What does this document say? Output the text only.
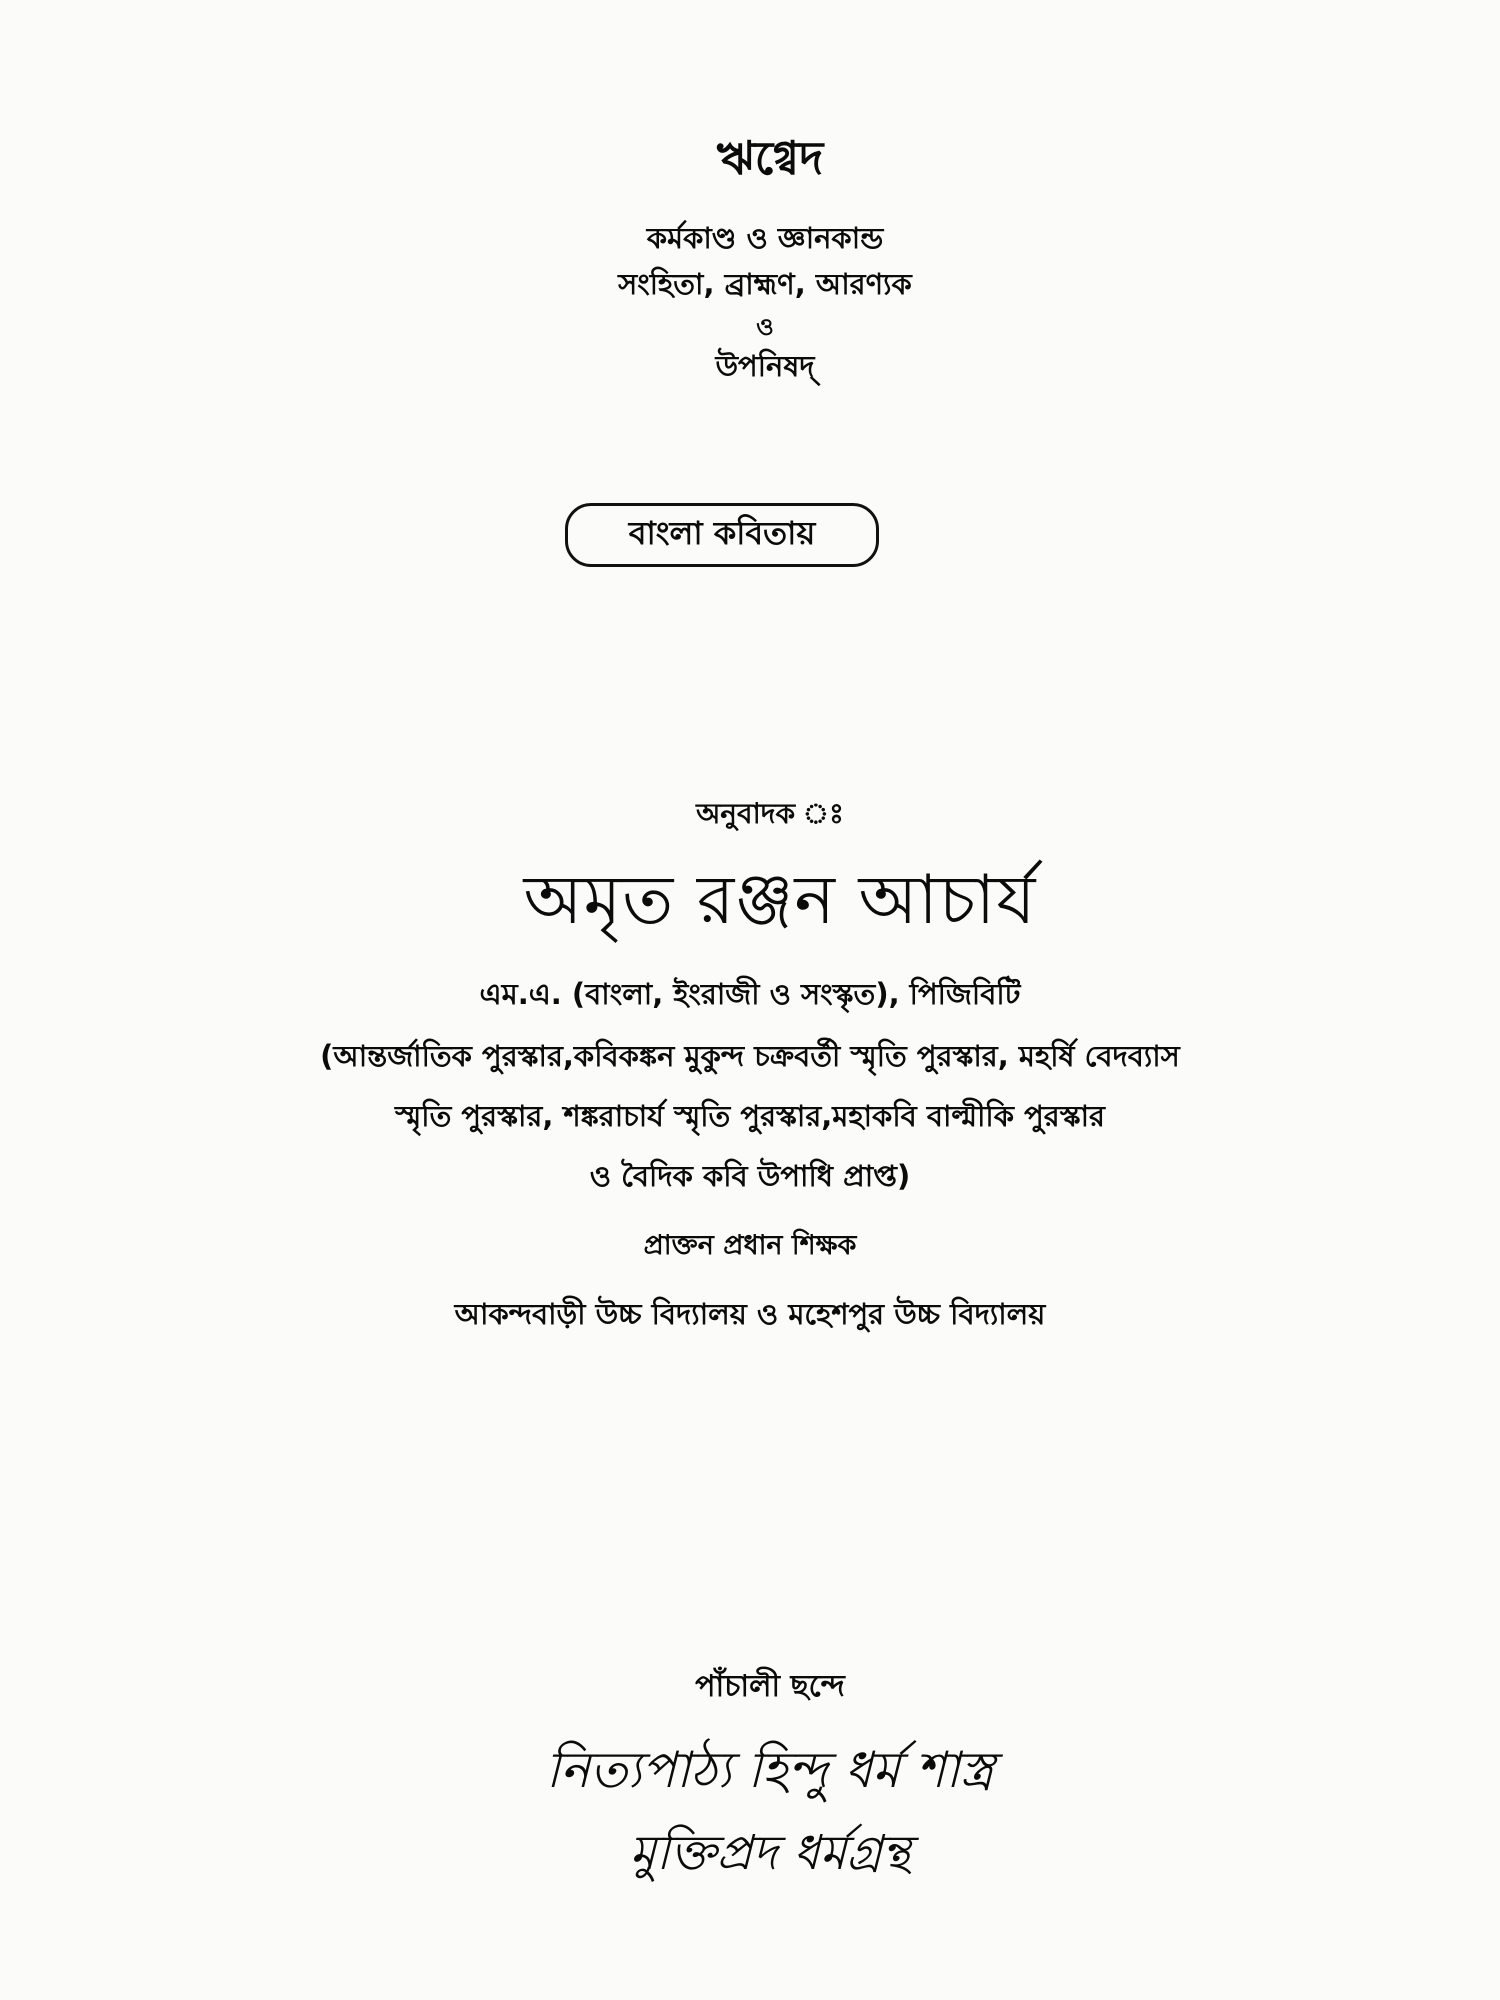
ঋগ্বেদ
কর্মকাণ্ড ও জ্ঞানকান্ড
সংহিতা, ব্রাহ্মণ, আরণ্যক
ও
উপনিষদ্
বাংলা কবিতায়
অনুবাদক ঃ
অমৃত রঞ্জন আচার্য
এম.এ. (বাংলা, ইংরাজী ও সংস্কৃত), পিজিবিটি
(আন্তর্জাতিক পুরস্কার,কবিকঙ্কন মুকুন্দ চক্রবর্তী স্মৃতি পুরস্কার, মহর্ষি বেদব্যাস
স্মৃতি পুরস্কার, শঙ্করাচার্য স্মৃতি পুরস্কার,মহাকবি বাল্মীকি পুরস্কার
ও বৈদিক কবি উপাধি প্রাপ্ত)
প্রাক্তন প্রধান শিক্ষক
আকন্দবাড়ী উচ্চ বিদ্যালয় ও মহেশপুর উচ্চ বিদ্যালয়
পাঁচালী ছন্দে
নিত্যপাঠ্য হিন্দু ধর্ম শাস্ত্র
মুক্তিপ্রদ ধর্মগ্রন্থ
